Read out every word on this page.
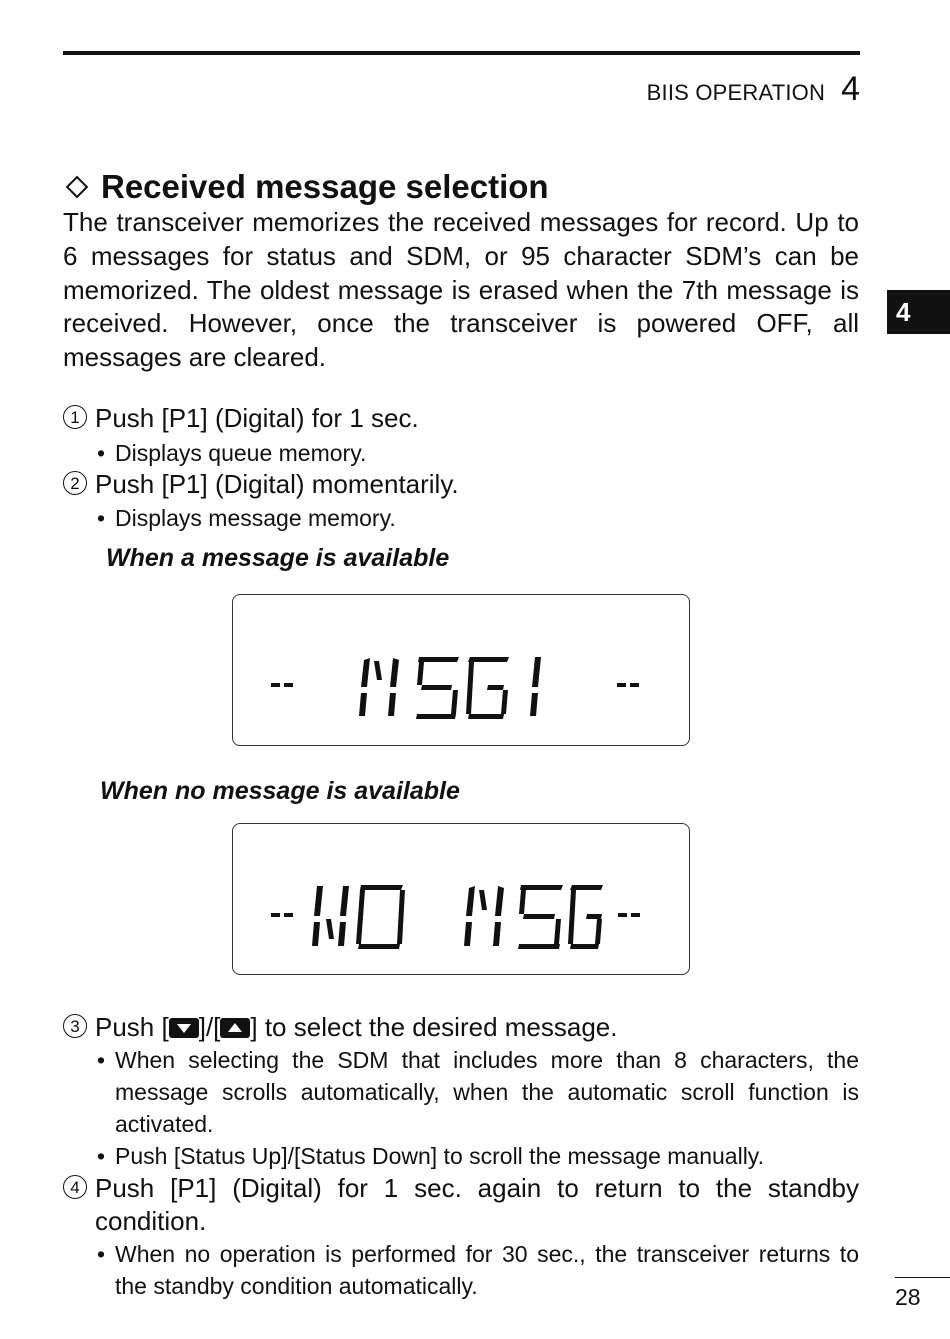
BIIS OPERATION 4
4
Received message selection

The transceiver memorizes the received messages for record. Up to 6 messages for status and SDM, or 95 character SDM’s can be memorized. The oldest message is erased when the 7th message is received. However, once the transceiver is powered OFF, all messages are cleared.

1 Push [P1] (Digital) for 1 sec.
• Displays queue memory.
2 Push [P1] (Digital) momentarily.
• Displays message memory.
When a message is available
When no message is available
3 Push [ ]/[ ] to select the desired message.
• When selecting the SDM that includes more than 8 characters, the message scrolls automatically, when the automatic scroll function is activated.
• Push [Status Up]/[Status Down] to scroll the message manually.
4 Push [P1] (Digital) for 1 sec. again to return to the standby condition.
• When no operation is performed for 30 sec., the transceiver returns to the standby condition automatically.	28
